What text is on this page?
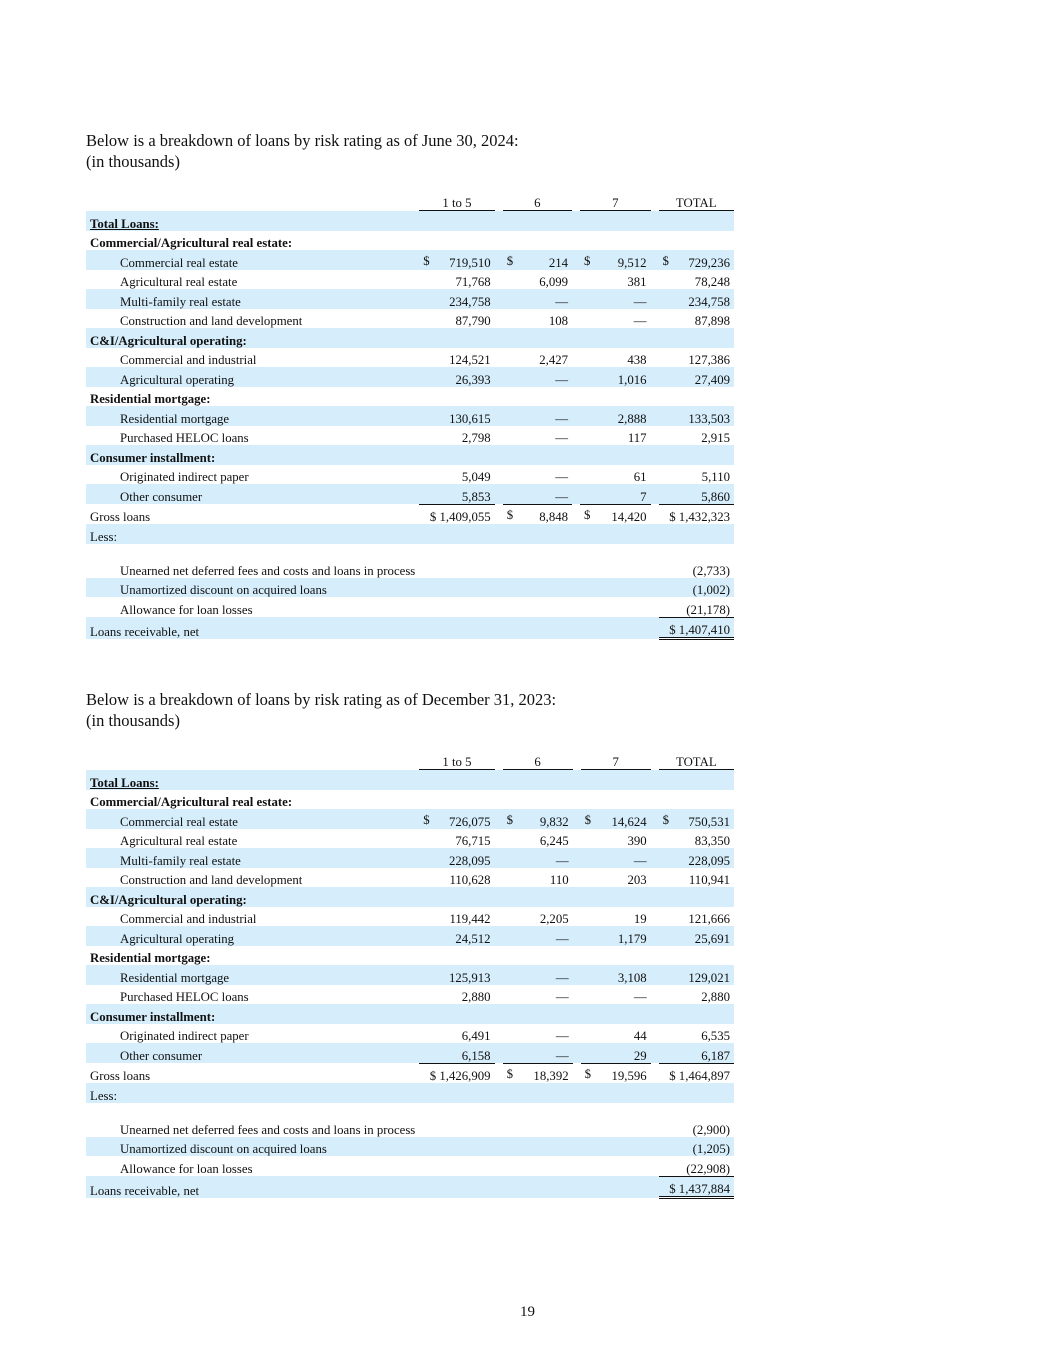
Below is a breakdown of loans by risk rating as of June 30, 2024:
(in thousands)

	1 to 5		6		7		TOTAL
Total Loans:							
Commercial/Agricultural real estate:							
Commercial real estate	$ 719,510		$ 214		$ 9,512		$ 729,236
Agricultural real estate	71,768		6,099		381		78,248
Multi-family real estate	234,758		—		—		234,758
Construction and land development	87,790		108		—		87,898
C&I/Agricultural operating:							
Commercial and industrial	124,521		2,427		438		127,386
Agricultural operating	26,393		—		1,016		27,409
Residential mortgage:							
Residential mortgage	130,615		—		2,888		133,503
Purchased HELOC loans	2,798		—		117		2,915
Consumer installment:							
Originated indirect paper	5,049		—		61		5,110
Other consumer	5,853		—		7		5,860
Gross loans	$ 1,409,055		$ 8,848		$ 14,420		$ 1,432,323
Less:							
Unearned net deferred fees and costs and loans in process							(2,733)
Unamortized discount on acquired loans							(1,002)
Allowance for loan losses							(21,178)
Loans receivable, net							$ 1,407,410

Below is a breakdown of loans by risk rating as of December 31, 2023:
(in thousands)

	1 to 5		6		7		TOTAL
Total Loans:							
Commercial/Agricultural real estate:							
Commercial real estate	$ 726,075		$ 9,832		$ 14,624		$ 750,531
Agricultural real estate	76,715		6,245		390		83,350
Multi-family real estate	228,095		—		—		228,095
Construction and land development	110,628		110		203		110,941
C&I/Agricultural operating:							
Commercial and industrial	119,442		2,205		19		121,666
Agricultural operating	24,512		—		1,179		25,691
Residential mortgage:							
Residential mortgage	125,913		—		3,108		129,021
Purchased HELOC loans	2,880		—		—		2,880
Consumer installment:							
Originated indirect paper	6,491		—		44		6,535
Other consumer	6,158		—		29		6,187
Gross loans	$ 1,426,909		$ 18,392		$ 19,596		$ 1,464,897
Less:							
Unearned net deferred fees and costs and loans in process							(2,900)
Unamortized discount on acquired loans							(1,205)
Allowance for loan losses							(22,908)
Loans receivable, net							$ 1,437,884
19
